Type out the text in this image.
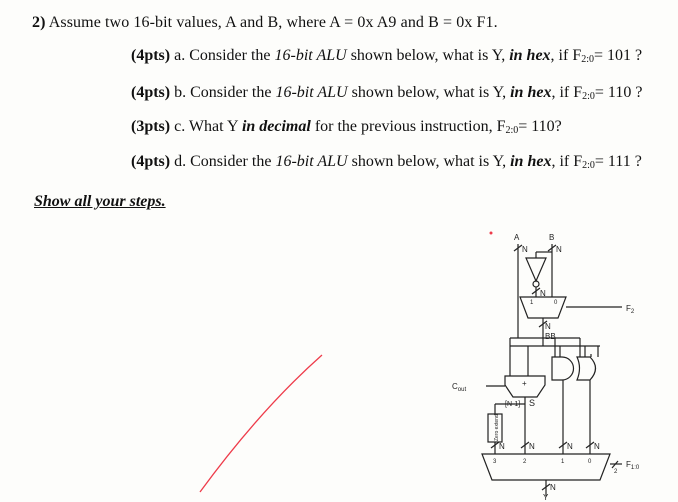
2) Assume two 16-bit values, A and B, where A = 0x A9 and B = 0x F1.
(4pts) a. Consider the 16-bit ALU shown below, what is Y, in hex, if $F_{2:0}= 101$ ?
(4pts) b. Consider the 16-bit ALU shown below, what is Y, in hex, if $F_{2:0}= 110$ ?
(3pts) c. What Y in decimal for the previous instruction, $F_{2:0}= 110$?
(4pts) d. Consider the 16-bit ALU shown below, what is Y, in hex, if $F_{2:0}= 111$ ?
Show all your steps.
A	B
N	N
N
N
BB
1	0
$F_2$
$C_{out}$
+
[N-1] S
Zero extend
N	N	N	N
3	2	1	0
2
$F_{1:0}$
N
Y
